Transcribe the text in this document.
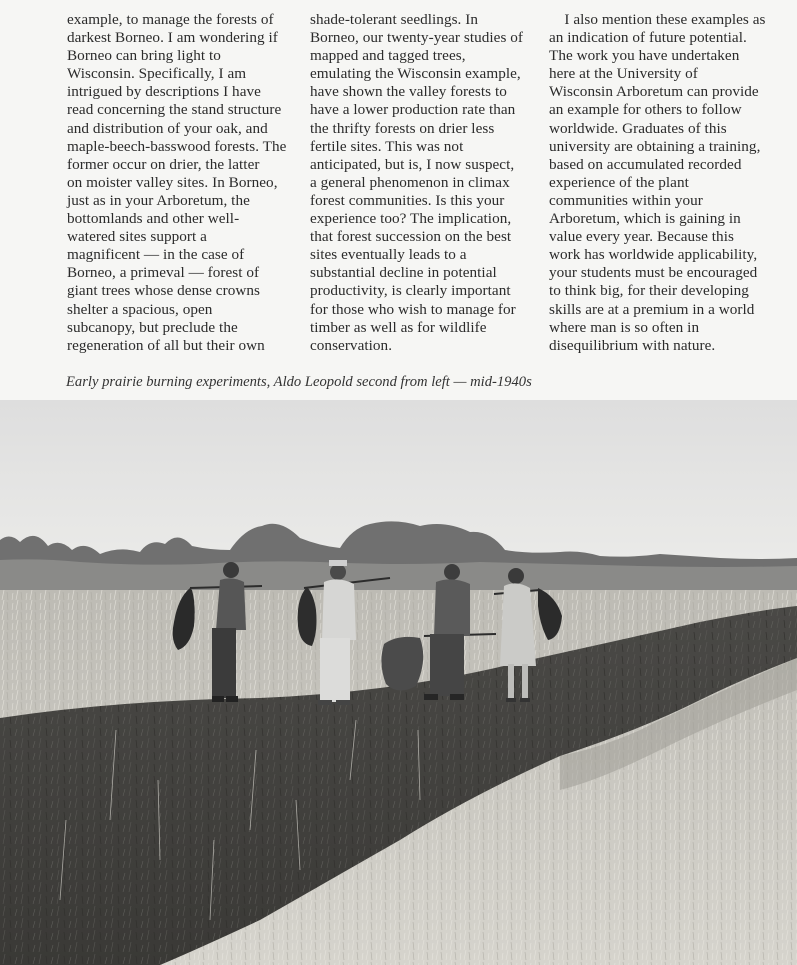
example, to manage the forests of
darkest Borneo. I am wondering if
Borneo can bring light to
Wisconsin. Specifically, I am
intrigued by descriptions I have
read concerning the stand structure
and distribution of your oak, and
maple-beech-basswood forests. The
former occur on drier, the latter
on moister valley sites. In Borneo,
just as in your Arboretum, the
bottomlands and other well-
watered sites support a
magnificent — in the case of
Borneo, a primeval — forest of
giant trees whose dense crowns
shelter a spacious, open
subcanopy, but preclude the
regeneration of all but their own
shade-tolerant seedlings. In
Borneo, our twenty-year studies of
mapped and tagged trees,
emulating the Wisconsin example,
have shown the valley forests to
have a lower production rate than
the thrifty forests on drier less
fertile sites. This was not
anticipated, but is, I now suspect,
a general phenomenon in climax
forest communities. Is this your
experience too? The implication,
that forest succession on the best
sites eventually leads to a
substantial decline in potential
productivity, is clearly important
for those who wish to manage for
timber as well as for wildlife
conservation.
I also mention these examples as
an indication of future potential.
The work you have undertaken
here at the University of
Wisconsin Arboretum can provide
an example for others to follow
worldwide. Graduates of this
university are obtaining a training,
based on accumulated recorded
experience of the plant
communities within your
Arboretum, which is gaining in
value every year. Because this
work has worldwide applicability,
your students must be encouraged
to think big, for their developing
skills are at a premium in a world
where man is so often in
disequilibrium with nature.
Early prairie burning experiments, Aldo Leopold second from left — mid-1940s
